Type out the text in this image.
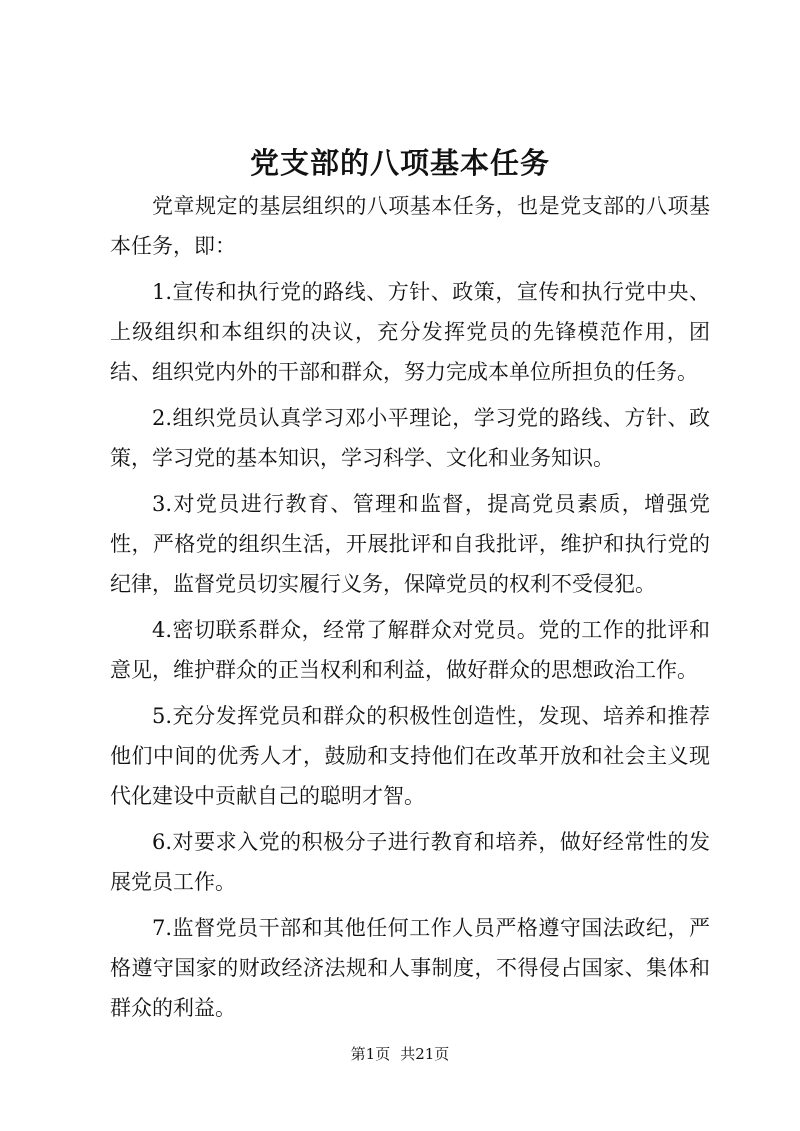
党支部的八项基本任务

党章规定的基层组织的八项基本任务，也是党支部的八项基本任务，即：

1.宣传和执行党的路线、方针、政策，宣传和执行党中央、上级组织和本组织的决议，充分发挥党员的先锋模范作用，团结、组织党内外的干部和群众，努力完成本单位所担负的任务。

2.组织党员认真学习邓小平理论，学习党的路线、方针、政策，学习党的基本知识，学习科学、文化和业务知识。

3.对党员进行教育、管理和监督，提高党员素质，增强党性，严格党的组织生活，开展批评和自我批评，维护和执行党的纪律，监督党员切实履行义务，保障党员的权利不受侵犯。

4.密切联系群众，经常了解群众对党员。党的工作的批评和意见，维护群众的正当权利和利益，做好群众的思想政治工作。

5.充分发挥党员和群众的积极性创造性，发现、培养和推荐他们中间的优秀人才，鼓励和支持他们在改革开放和社会主义现代化建设中贡献自己的聪明才智。

6.对要求入党的积极分子进行教育和培养，做好经常性的发展党员工作。

7.监督党员干部和其他任何工作人员严格遵守国法政纪，严格遵守国家的财政经济法规和人事制度，不得侵占国家、集体和群众的利益。

第1页 共21页
